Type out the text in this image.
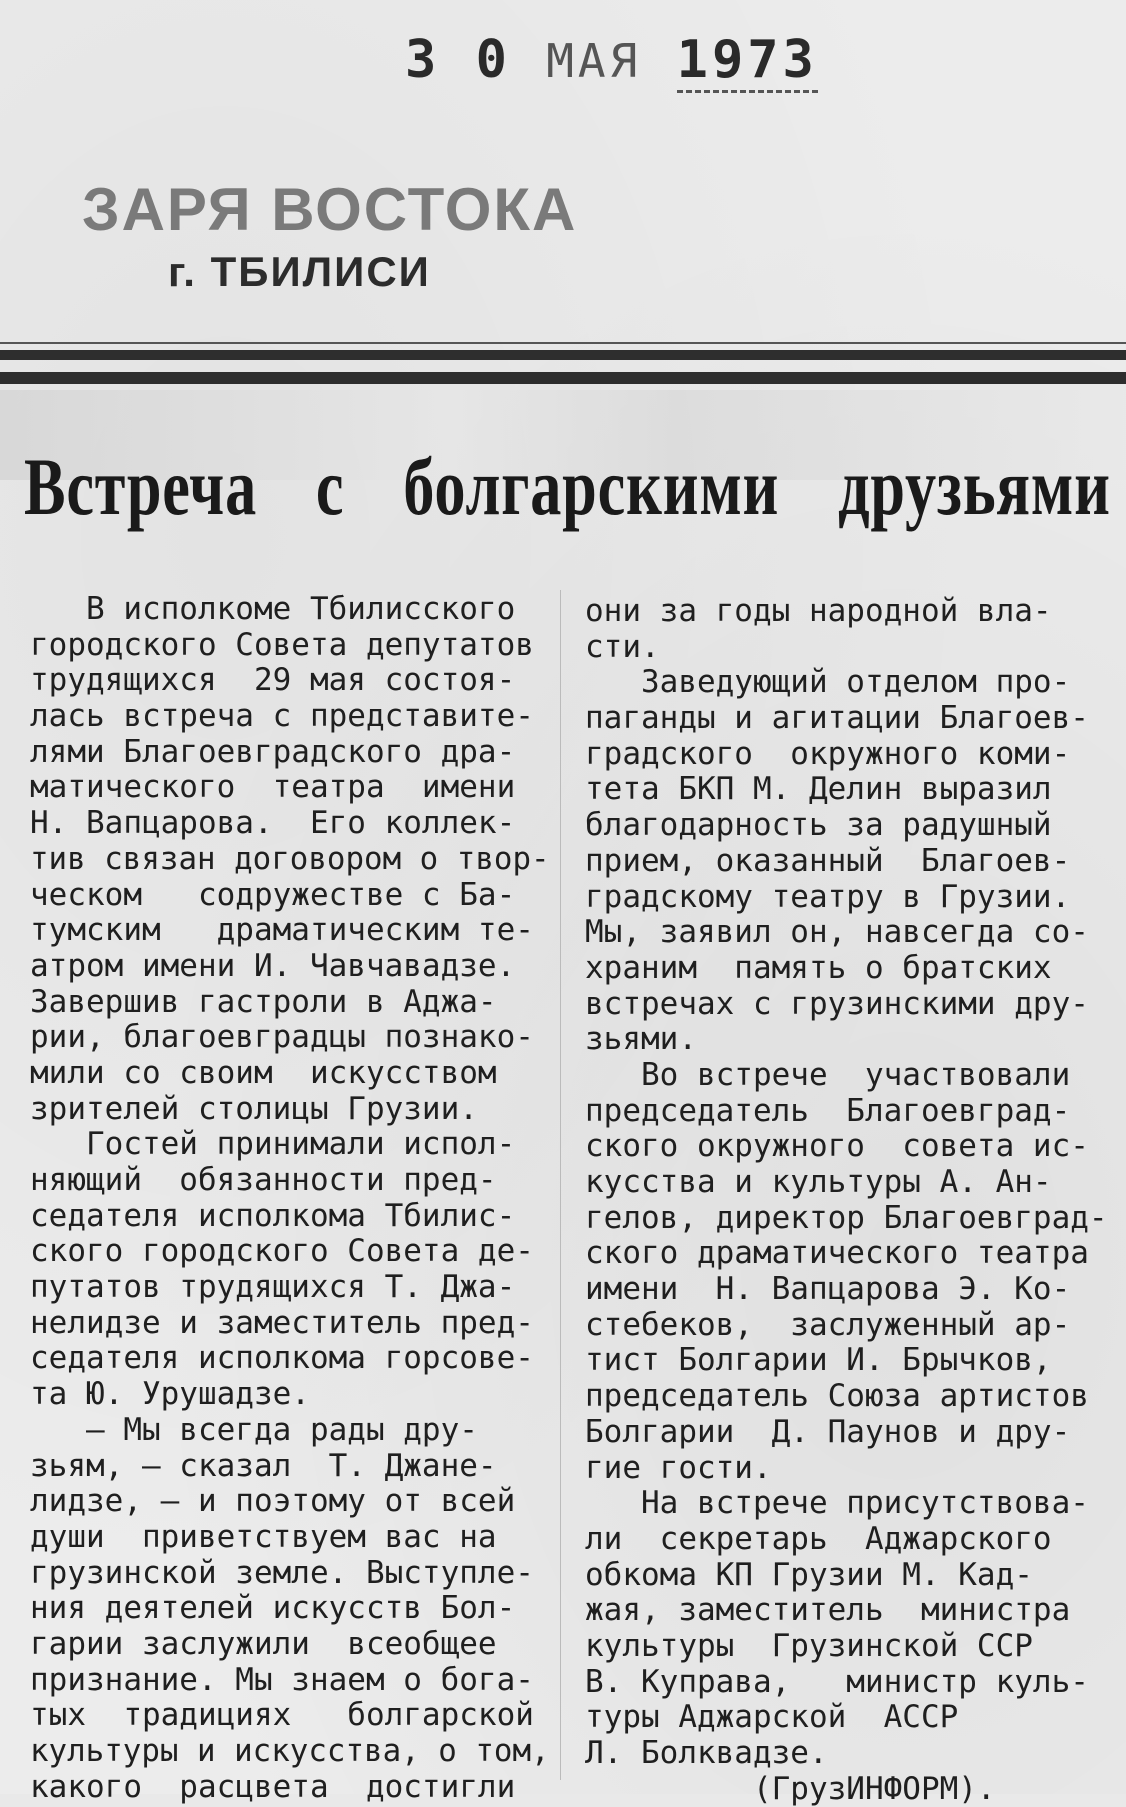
3 0 МАЯ 1973
ЗАРЯ ВОСТОКА
г. ТБИЛИСИ
Встреча с болгарскими друзьями
В исполкоме Тбилисского
городского Совета депутатов
трудящихся  29 мая состоя-
лась встреча с представите-
лями Благоевградского дра-
матического  театра  имени
Н. Вапцарова.  Его коллек-
тив связан договором о твор-
ческом   содружестве с Ба-
тумским   драматическим те-
атром имени И. Чавчавадзе.
Завершив гастроли в Аджа-
рии, благоевградцы познако-
мили со своим  искусством
зрителей столицы Грузии.
Гостей принимали испол-
няющий  обязанности пред-
седателя исполкома Тбилис-
ского городского Совета де-
путатов трудящихся Т. Джа-
нелидзе и заместитель пред-
седателя исполкома горсове-
та Ю. Урушадзе.
— Мы всегда рады дру-
зьям, — сказал  Т. Джане-
лидзе, — и поэтому от всей
души  приветствуем вас на
грузинской земле. Выступле-
ния деятелей искусств Бол-
гарии заслужили  всеобщее
признание. Мы знаем о бога-
тых  традициях   болгарской
культуры и искусства, о том,
какого  расцвета  достигли
они за годы народной вла-
сти.
Заведующий отделом про-
паганды и агитации Благоев-
градского  окружного коми-
тета БКП М. Делин выразил
благодарность за радушный
прием, оказанный  Благоев-
градскому театру в Грузии.
Мы, заявил он, навсегда со-
храним  память о братских
встречах с грузинскими дру-
зьями.
Во встрече  участвовали
председатель  Благоевград-
ского окружного  совета ис-
кусства и культуры А. Ан-
гелов, директор Благоевград-
ского драматического театра
имени  Н. Вапцарова Э. Ко-
стебеков,  заслуженный ар-
тист Болгарии И. Брычков,
председатель Союза артистов
Болгарии  Д. Паунов и дру-
гие гости.
На встрече присутствова-
ли  секретарь  Аджарского
обкома КП Грузии М. Кад-
жая, заместитель  министра
культуры  Грузинской ССР
В. Куправа,   министр куль-
туры Аджарской  АССР
Л. Болквадзе.
(ГрузИНФОРМ).
